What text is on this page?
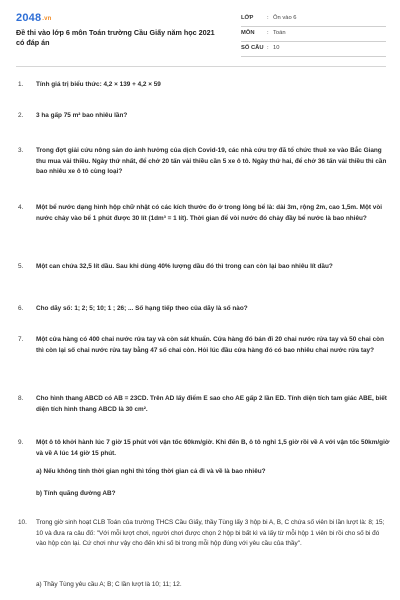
2048.vn
Đề thi vào lớp 6 môn Toán trường Cầu Giấy năm học 2021
có đáp án
LỚP : Ôn vào 6
MÔN : Toán
SỐ CÂU : 10
1.	Tính giá trị biểu thức: 4,2 × 139 + 4,2 × 59
2.	3 ha gấp 75 m² bao nhiêu lần?
3.	Trong đợt giải cứu nông sản do ảnh hưởng của dịch Covid-19, các nhà cứu trợ đã tổ chức thuê xe vào Bắc Giang thu mua vải thiều. Ngày thứ nhất, để chở 20 tấn vải thiều cần 5 xe ô tô. Ngày thứ hai, để chở 36 tấn vải thiều thì cần bao nhiêu xe ô tô cùng loại?
4.	Một bể nước dạng hình hộp chữ nhật có các kích thước đo ở trong lòng bể là: dài 3m, rộng 2m, cao 1,5m. Một vòi nước chảy vào bể 1 phút được 30 lít (1dm³ = 1 lít). Thời gian để vòi nước đó chảy đầy bể nước là bao nhiêu?
5.	Một can chứa 32,5 lít dầu. Sau khi dùng 40% lượng dầu đó thì trong can còn lại bao nhiêu lít dầu?
6.	Cho dãy số: 1; 2; 5; 10; 1 ; 26; ... Số hạng tiếp theo của dãy là số nào?
7.	Một cửa hàng có 400 chai nước rửa tay và còn sát khuẩn. Cửa hàng đó bán đi 20 chai nước rửa tay và 50 chai còn thì còn lại số chai nước rửa tay bằng 47 số chai còn. Hỏi lúc đầu cửa hàng đó có bao nhiêu chai nước rửa tay?
8.	Cho hình thang ABCD có AB = 23CD. Trên AD lấy điểm E sao cho AE gấp 2 lần ED. Tính diện tích tam giác ABE, biết diện tích hình thang ABCD là 30 cm².
9.	Một ô tô khởi hành lúc 7 giờ 15 phút với vận tốc 60km/giờ. Khi đến B, ô tô nghỉ 1,5 giờ rồi về A với vận tốc 50km/giờ và về A lúc 14 giờ 15 phút.
a) Nếu không tính thời gian nghỉ thì tổng thời gian cả đi và về là bao nhiêu?
b) Tính quãng đường AB?
10.	Trong giờ sinh hoạt CLB Toán của trường THCS Cầu Giấy, thầy Tùng lấy 3 hộp bi A, B, C chứa số viên bi lần lượt là: 8; 15; 10 và đưa ra câu đố: "Với mỗi lượt chơi, người chơi được chọn 2 hộp bi bất kì và lấy từ mỗi hộp 1 viên bi rồi cho số bi đó vào hộp còn lại. Cứ chơi như vậy cho đến khi số bi trong mỗi hộp đúng với yêu cầu của thầy".
a) Thầy Tùng yêu cầu A; B; C lần lượt là 10; 11; 12.
